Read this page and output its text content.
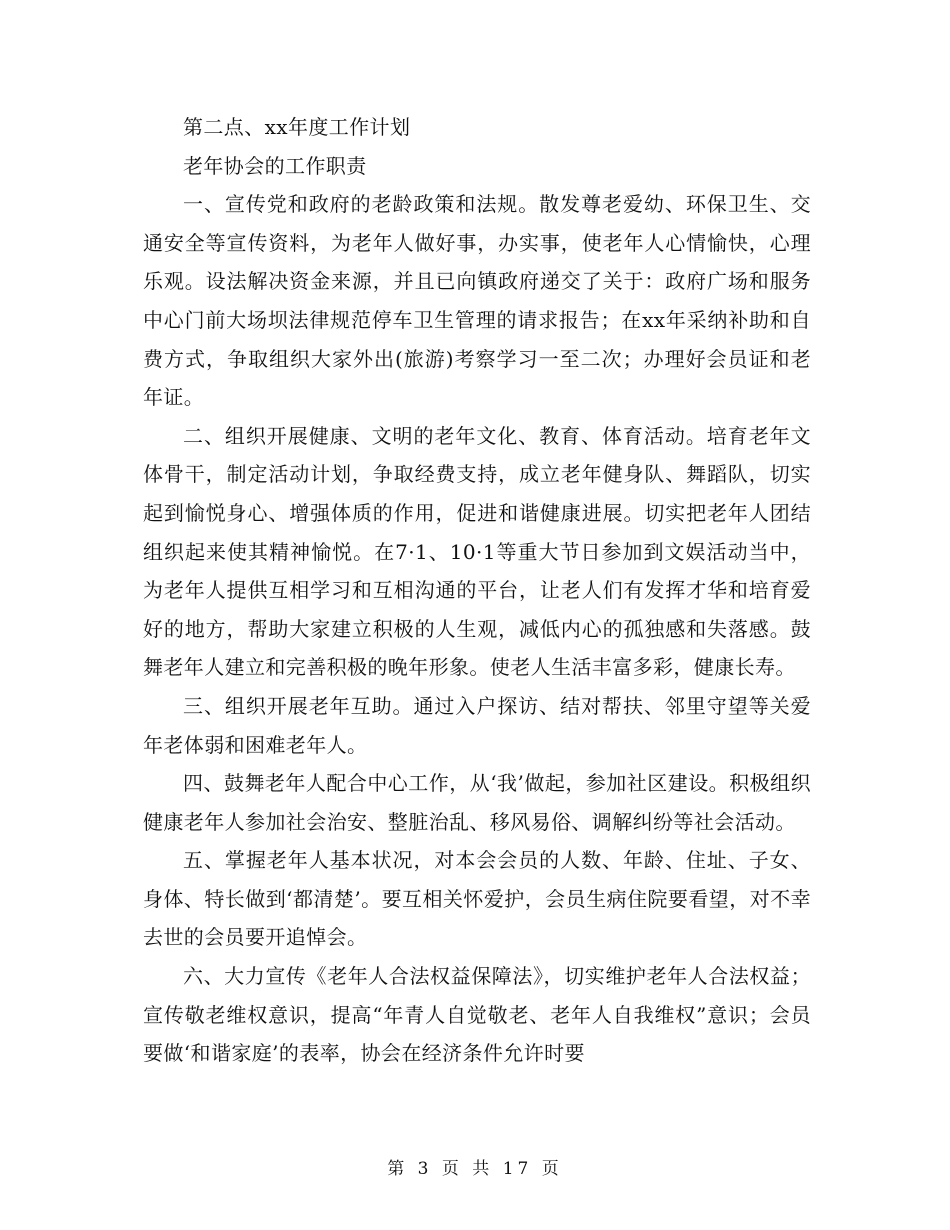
第二点、xx年度工作计划

老年协会的工作职责

一、宣传党和政府的老龄政策和法规。散发尊老爱幼、环保卫生、交通安全等宣传资料，为老年人做好事，办实事，使老年人心情愉快，心理乐观。设法解决资金来源，并且已向镇政府递交了关于：政府广场和服务中心门前大场坝法律规范停车卫生管理的请求报告；在xx年采纳补助和自费方式，争取组织大家外出(旅游)考察学习一至二次；办理好会员证和老年证。

二、组织开展健康、文明的老年文化、教育、体育活动。培育老年文体骨干，制定活动计划，争取经费支持，成立老年健身队、舞蹈队，切实起到愉悦身心、增强体质的作用，促进和谐健康进展。切实把老年人团结组织起来使其精神愉悦。在7·1、10·1等重大节日参加到文娱活动当中，为老年人提供互相学习和互相沟通的平台，让老人们有发挥才华和培育爱好的地方，帮助大家建立积极的人生观，减低内心的孤独感和失落感。鼓舞老年人建立和完善积极的晚年形象。使老人生活丰富多彩，健康长寿。

三、组织开展老年互助。通过入户探访、结对帮扶、邻里守望等关爱年老体弱和困难老年人。

四、鼓舞老年人配合中心工作，从‘我’做起，参加社区建设。积极组织健康老年人参加社会治安、整脏治乱、移风易俗、调解纠纷等社会活动。

五、掌握老年人基本状况，对本会会员的人数、年龄、住址、子女、身体、特长做到‘都清楚’。要互相关怀爱护，会员生病住院要看望，对不幸去世的会员要开追悼会。

六、大力宣传《老年人合法权益保障法》，切实维护老年人合法权益；宣传敬老维权意识，提高“年青人自觉敬老、老年人自我维权”意识；会员要做‘和谐家庭’的表率，协会在经济条件允许时要

第 3 页 共 17 页
